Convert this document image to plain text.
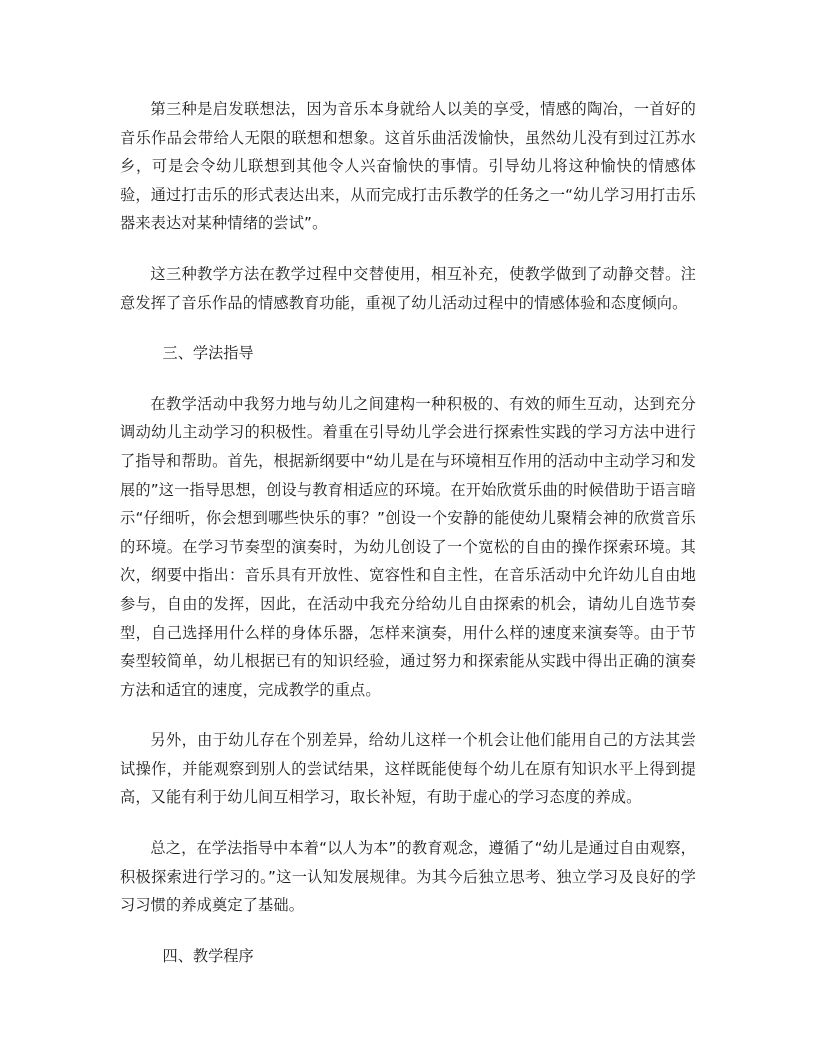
第三种是启发联想法，因为音乐本身就给人以美的享受，情感的陶冶，一首好的音乐作品会带给人无限的联想和想象。这首乐曲活泼愉快，虽然幼儿没有到过江苏水乡，可是会令幼儿联想到其他令人兴奋愉快的事情。引导幼儿将这种愉快的情感体验，通过打击乐的形式表达出来，从而完成打击乐教学的任务之一“幼儿学习用打击乐器来表达对某种情绪的尝试”。

这三种教学方法在教学过程中交替使用，相互补充，使教学做到了动静交替。注意发挥了音乐作品的情感教育功能，重视了幼儿活动过程中的情感体验和态度倾向。

三、学法指导

在教学活动中我努力地与幼儿之间建构一种积极的、有效的师生互动，达到充分调动幼儿主动学习的积极性。着重在引导幼儿学会进行探索性实践的学习方法中进行了指导和帮助。首先，根据新纲要中“幼儿是在与环境相互作用的活动中主动学习和发展的”这一指导思想，创设与教育相适应的环境。在开始欣赏乐曲的时候借助于语言暗示“仔细听，你会想到哪些快乐的事？”创设一个安静的能使幼儿聚精会神的欣赏音乐的环境。在学习节奏型的演奏时，为幼儿创设了一个宽松的自由的操作探索环境。其次，纲要中指出：音乐具有开放性、宽容性和自主性，在音乐活动中允许幼儿自由地参与，自由的发挥，因此，在活动中我充分给幼儿自由探索的机会，请幼儿自选节奏型，自己选择用什么样的身体乐器，怎样来演奏，用什么样的速度来演奏等。由于节奏型较简单，幼儿根据已有的知识经验，通过努力和探索能从实践中得出正确的演奏方法和适宜的速度，完成教学的重点。

另外，由于幼儿存在个别差异，给幼儿这样一个机会让他们能用自己的方法其尝试操作，并能观察到别人的尝试结果，这样既能使每个幼儿在原有知识水平上得到提高，又能有利于幼儿间互相学习，取长补短，有助于虚心的学习态度的养成。

总之，在学法指导中本着“以人为本”的教育观念，遵循了“幼儿是通过自由观察，积极探索进行学习的。”这一认知发展规律。为其今后独立思考、独立学习及良好的学习习惯的养成奠定了基础。

四、教学程序
